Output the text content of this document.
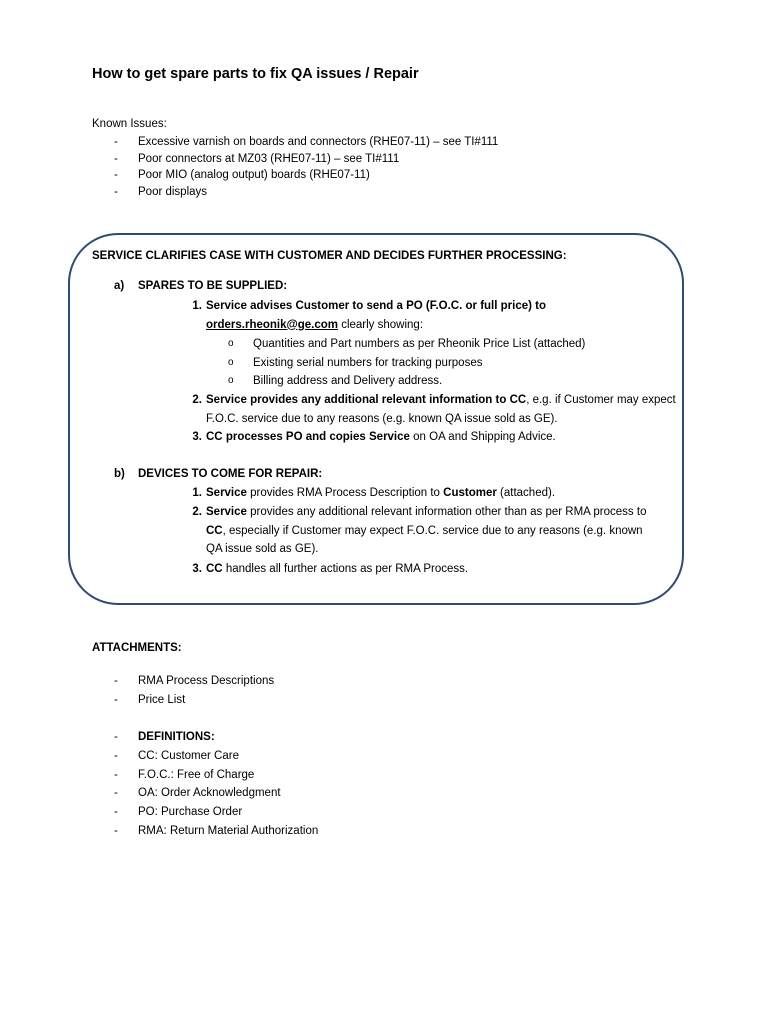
How to get spare parts to fix QA issues / Repair
Known Issues:
- Excessive varnish on boards and connectors (RHE07-11) – see TI#111
- Poor connectors at MZ03 (RHE07-11) – see TI#111
- Poor MIO (analog output) boards (RHE07-11)
- Poor displays
SERVICE CLARIFIES CASE WITH CUSTOMER AND DECIDES FURTHER PROCESSING:
a) SPARES TO BE SUPPLIED:
1. Service advises Customer to send a PO (F.O.C. or full price) to
orders.rheonik@ge.com clearly showing:
o Quantities and Part numbers as per Rheonik Price List (attached)
o Existing serial numbers for tracking purposes
o Billing address and Delivery address.
2. Service provides any additional relevant information to CC, e.g. if Customer may expect F.O.C. service due to any reasons (e.g. known QA issue sold as GE).
3. CC processes PO and copies Service on OA and Shipping Advice.
b) DEVICES TO COME FOR REPAIR:
1. Service provides RMA Process Description to Customer (attached).
2. Service provides any additional relevant information other than as per RMA process to CC, especially if Customer may expect F.O.C. service due to any reasons (e.g. known QA issue sold as GE).
3. CC handles all further actions as per RMA Process.
ATTACHMENTS:
- RMA Process Descriptions
- Price List
- DEFINITIONS:
- CC: Customer Care
- F.O.C.: Free of Charge
- OA: Order Acknowledgment
- PO: Purchase Order
- RMA: Return Material Authorization
